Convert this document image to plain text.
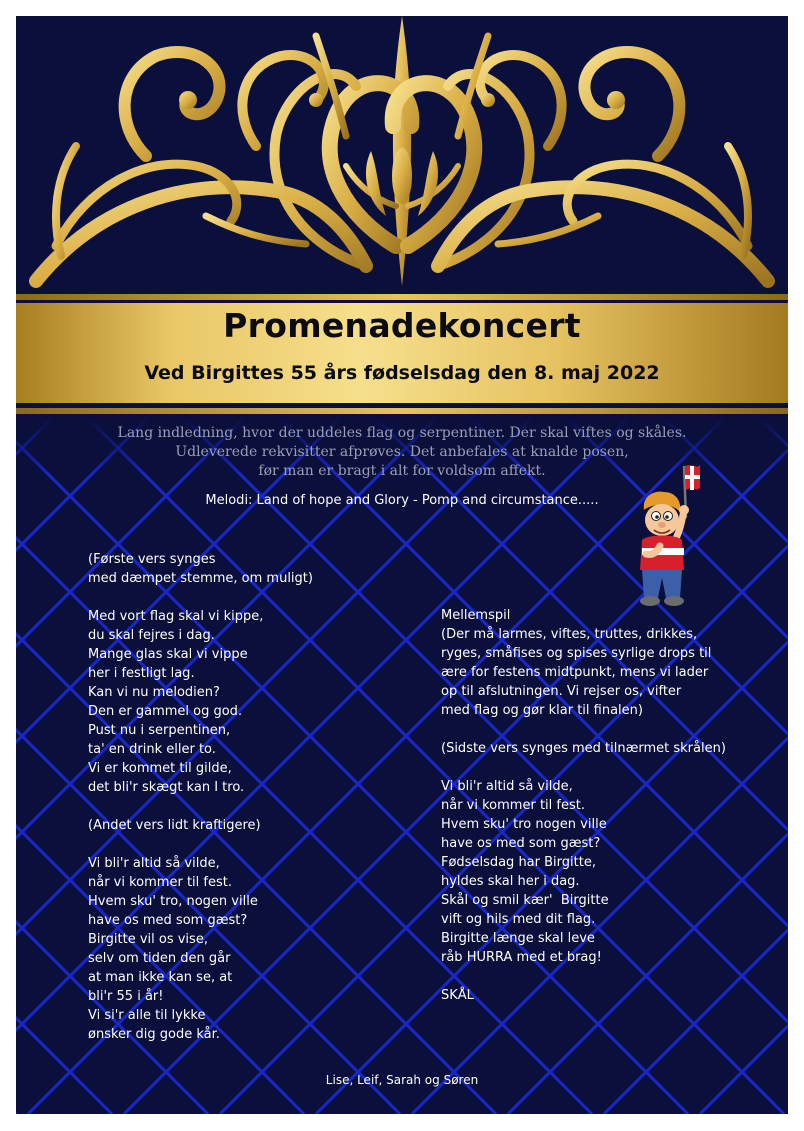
Promenadekoncert
Ved Birgittes 55 års fødselsdag den 8. maj 2022
Lang indledning, hvor der uddeles flag og serpentiner. Der skal viftes og skåles.
Udleverede rekvisitter afprøves. Det anbefales at knalde posen,
før man er bragt i alt for voldsom affekt.
Melodi: Land of hope and Glory - Pomp and circumstance.....
(Første vers synges
med dæmpet stemme, om muligt)

Med vort flag skal vi kippe,
du skal fejres i dag.
Mange glas skal vi vippe
her i festligt lag.
Kan vi nu melodien?
Den er gammel og god.
Pust nu i serpentinen,
ta' en drink eller to.
Vi er kommet til gilde,
det bli'r skægt kan I tro.

(Andet vers lidt kraftigere)

Vi bli'r altid så vilde,
når vi kommer til fest.
Hvem sku' tro, nogen ville
have os med som gæst?
Birgitte vil os vise,
selv om tiden den går
at man ikke kan se, at
bli'r 55 i år!
Vi si'r alle til lykke
ønsker dig gode kår.
Mellemspil
(Der må larmes, viftes, truttes, drikkes,
ryges, småfises og spises syrlige drops til
ære for festens midtpunkt, mens vi lader
op til afslutningen. Vi rejser os, vifter
med flag og gør klar til finalen)

(Sidste vers synges med tilnærmet skrålen)

Vi bli'r altid så vilde,
når vi kommer til fest.
Hvem sku' tro nogen ville
have os med som gæst?
Fødselsdag har Birgitte,
hyldes skal her i dag.
Skål og smil kær'  Birgitte
vift og hils med dit flag.
Birgitte længe skal leve
råb HURRA med et brag!

SKÅL
Lise, Leif, Sarah og Søren
